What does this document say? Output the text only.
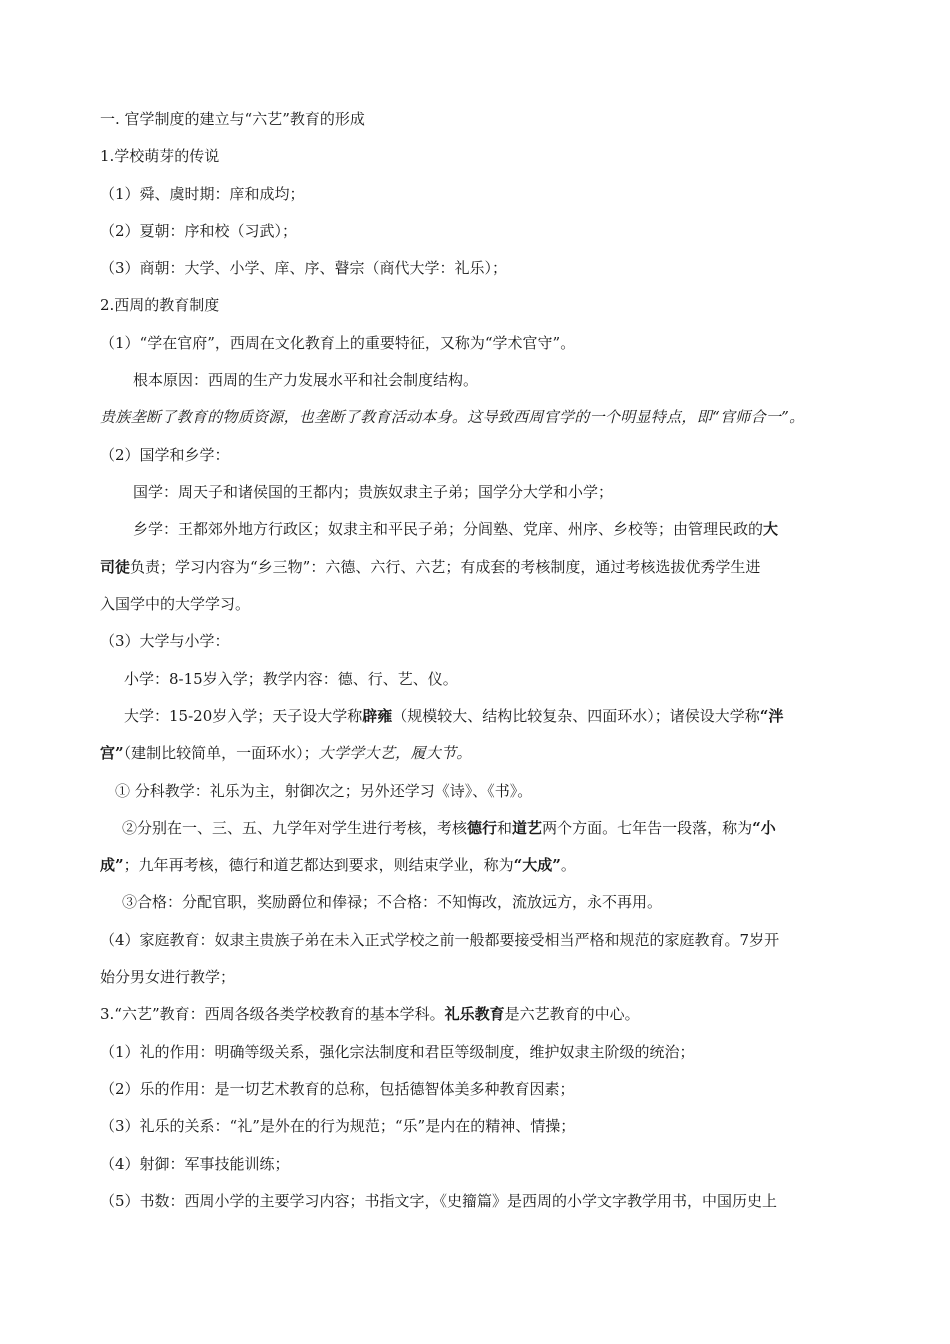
一. 官学制度的建立与“六艺”教育的形成
1.学校萌芽的传说
（1）舜、虞时期：庠和成均；
（2）夏朝：序和校（习武）；
（3）商朝：大学、小学、庠、序、瞽宗（商代大学：礼乐）；
2.西周的教育制度
（1）“学在官府”，西周在文化教育上的重要特征，又称为“学术官守”。
根本原因：西周的生产力发展水平和社会制度结构。
贵族垄断了教育的物质资源，也垄断了教育活动本身。这导致西周官学的一个明显特点，即“官师合一”。
（2）国学和乡学：
国学：周天子和诸侯国的王都内；贵族奴隶主子弟；国学分大学和小学；
乡学：王都郊外地方行政区；奴隶主和平民子弟；分闾塾、党庠、州序、乡校等；由管理民政的大
司徒负责；学习内容为“乡三物”：六德、六行、六艺；有成套的考核制度，通过考核选拔优秀学生进
入国学中的大学学习。
（3）大学与小学：
小学：8-15岁入学；教学内容：德、行、艺、仪。
大学：15-20岁入学；天子设大学称辟雍（规模较大、结构比较复杂、四面环水）；诸侯设大学称“泮
宫”（建制比较简单，一面环水）；大学学大艺，履大节。
① 分科教学：礼乐为主，射御次之；另外还学习《诗》、《书》。
②分别在一、三、五、九学年对学生进行考核，考核德行和道艺两个方面。七年告一段落，称为“小
成”；九年再考核，德行和道艺都达到要求，则结束学业，称为“大成”。
③合格：分配官职，奖励爵位和俸禄；不合格：不知悔改，流放远方，永不再用。
（4）家庭教育：奴隶主贵族子弟在未入正式学校之前一般都要接受相当严格和规范的家庭教育。7岁开
始分男女进行教学；
3.“六艺”教育：西周各级各类学校教育的基本学科。礼乐教育是六艺教育的中心。
（1）礼的作用：明确等级关系，强化宗法制度和君臣等级制度，维护奴隶主阶级的统治；
（2）乐的作用：是一切艺术教育的总称，包括德智体美多种教育因素；
（3）礼乐的关系：“礼”是外在的行为规范；“乐”是内在的精神、情操；
（4）射御：军事技能训练；
（5）书数：西周小学的主要学习内容；书指文字，《史籀篇》是西周的小学文字教学用书，中国历史上
